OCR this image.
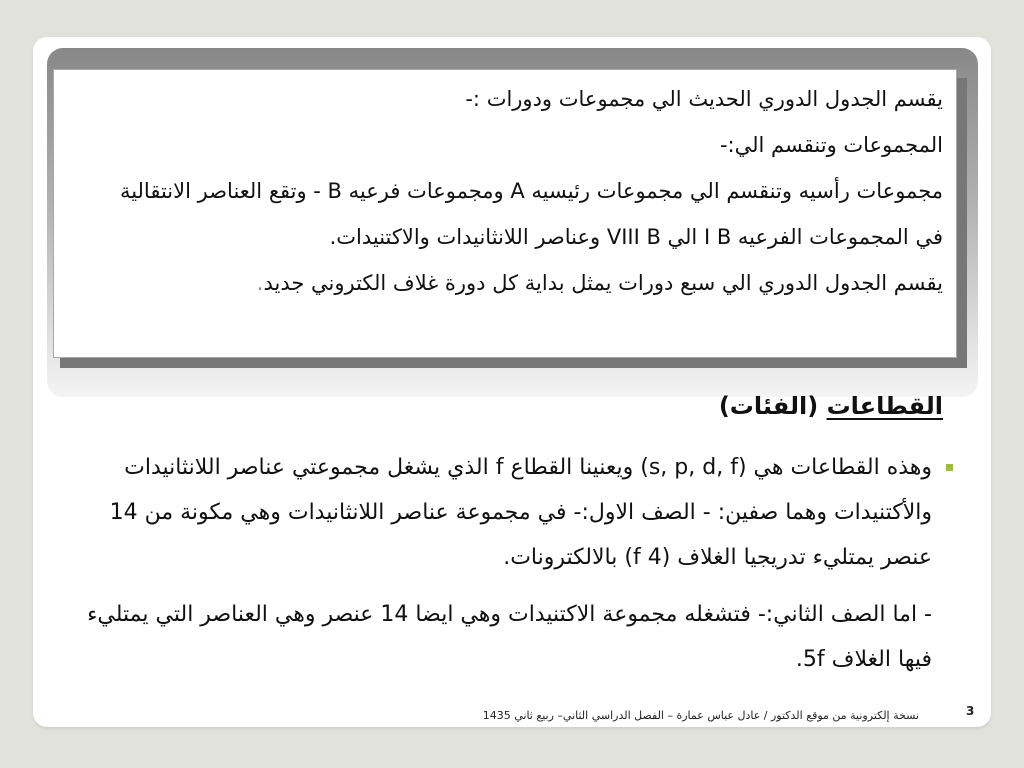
يقسم الجدول الدوري الحديث الي مجموعات ودورات :-

المجموعات وتنقسم الي:-

مجموعات رأسيه وتنقسم الي مجموعات رئيسيه A ومجموعات فرعيه B - وتقع العناصر الانتقالية في المجموعات الفرعيه I B الي VIII B وعناصر اللانثانيدات والاكتنيدات.

يقسم الجدول الدوري الي سبع دورات يمثل بداية كل دورة غلاف الكتروني جديد.

القطاعات (الفئات)

وهذه القطاعات هي (s, p, d, f) ويعنينا القطاع f الذي يشغل مجموعتي عناصر اللانثانيدات والأكتنيدات وهما صفين: - الصف الاول:- في مجموعة عناصر اللانثانيدات وهي مكونة من 14 عنصر يمتليء تدريجيا الغلاف (4 f) بالالكترونات.

- اما الصف الثاني:- فتشغله مجموعة الاكتنيدات وهي ايضا 14 عنصر وهي العناصر التي يمتليء فيها الغلاف 5f.

نسخة إلكترونية من موقع الدكتور / عادل عباس عمارة – الفصل الدراسي الثاني– ربيع ثاني 1435	3
